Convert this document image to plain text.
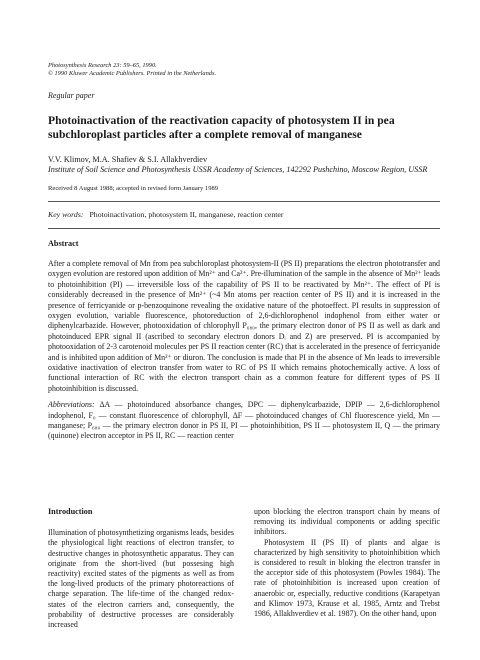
Photosynthesis Research 23: 59–65, 1990.
© 1990 Kluwer Academic Publishers. Printed in the Netherlands.
Regular paper
Photoinactivation of the reactivation capacity of photosystem II in pea subchloroplast particles after a complete removal of manganese
V.V. Klimov, M.A. Shafiev & S.I. Allakhverdiev
Institute of Soil Science and Photosynthesis USSR Academy of Sciences, 142292 Pushchino, Moscow Region, USSR
Received 8 August 1988; accepted in revised form January 1989
Key words: Photoinactivation, photosystem II, manganese, reaction center
Abstract
After a complete removal of Mn from pea subchloroplast photosystem-II (PS II) preparations the electron phototransfer and oxygen evolution are restored upon addition of Mn²⁺ and Ca²⁺. Pre-illumination of the sample in the absence of Mn²⁺ leads to photoinhibition (PI) — irreversible loss of the capability of PS II to be reactivated by Mn²⁺. The effect of PI is considerably decreased in the presence of Mn²⁺ (~4 Mn atoms per reaction center of PS II) and it is increased in the presence of ferricyanide or p-benzoquinone revealing the oxidative nature of the photoeffect. PI results in suppression of oxygen evolution, variable fluorescence, photoreduction of 2,6-dichlorophenol indophenol from either water or diphenylcarbazide. However, photooxidation of chlorophyll P₆₈₀, the primary electron donor of PS II as well as dark and photoinduced EPR signal II (ascribed to secondary electron donors Dᵢ and Z) are preserved. PI is accompanied by photooxidation of 2-3 carotenoid molecules per PS II reaction center (RC) that is accelerated in the presence of ferricyanide and is inhibited upon addition of Mn²⁺ or diuron. The conclusion is made that PI in the absence of Mn leads to irreversible oxidative inactivation of electron transfer from water to RC of PS II which remains photochemically active. A loss of functional interaction of RC with the electron transport chain as a common feature for different types of PS II photoinhibition is discussed.
Abbreviations: ΔA — photoinduced absorbance changes, DPC — diphenylcarbazide, DPIP — 2,6-dichlorophenol indophenol, F₀ — constant fluorescence of chlorophyll, ΔF — photoinduced changes of Chl fluorescence yield, Mn — manganese; P₆₈₀ — the primary electron donor in PS II, PI — photoinhibition, PS II — photosystem II, Q — the primary (quinone) electron acceptor in PS II, RC — reaction center
Introduction
Illumination of photosynthetizing organisms leads, besides the physiological light reactions of electron transfer, to destructive changes in photosynthetic apparatus. They can originate from the short-lived (but possesing high reactivity) excited states of the pigments as well as from the long-lived products of the primary photoreactions of charge separation. The life-time of the changed redox-states of the electron carriers and, consequently, the probability of destructive processes are considerably increased
upon blocking the electron transport chain by means of removing its individual components or adding specific inhibitors.
Photosystem II (PS II) of plants and algae is characterized by high sensitivity to photoinhibition which is considered to result in bloking the electron transfer in the acceptor side of this photosystem (Powles 1984). The rate of photoinhibition is increased upon creation of anaerobic or, especially, reductive conditions (Karapetyan and Klimov 1973, Krause et al. 1985, Arntz and Trebst 1986, Allakhverdiev et al. 1987). On the other hand, upon
